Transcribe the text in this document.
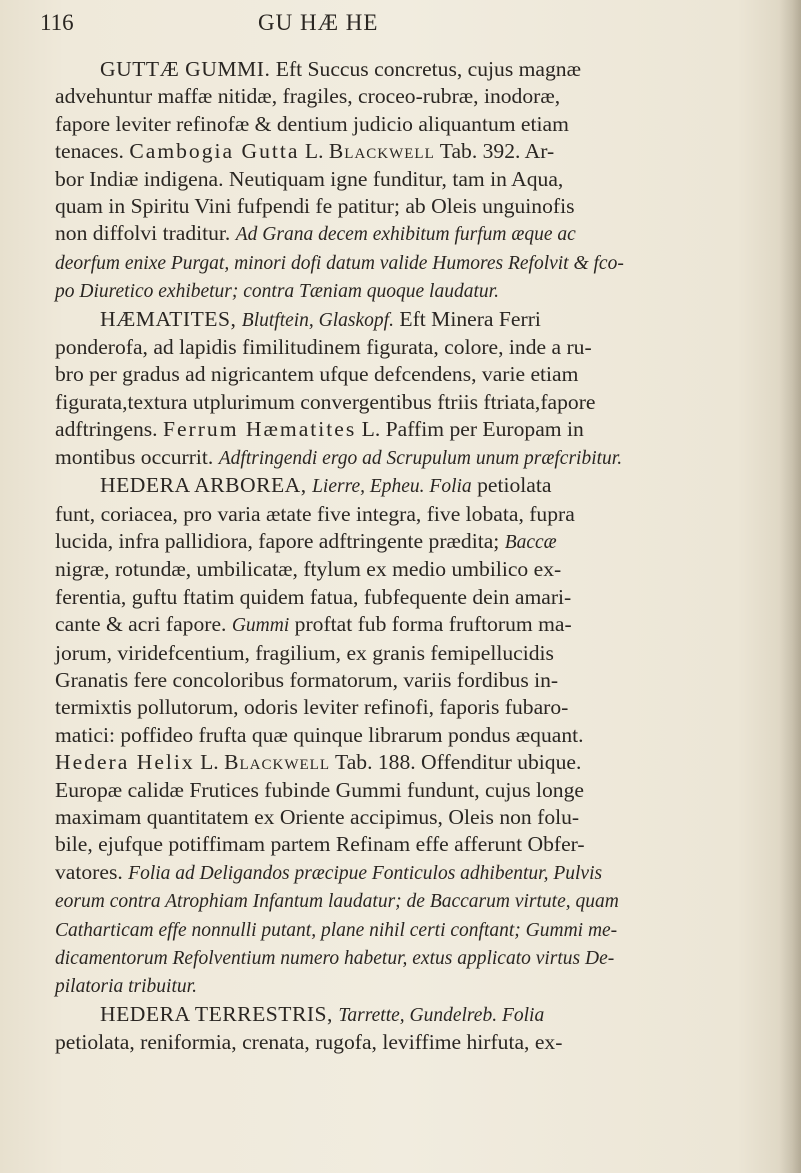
116	GU HÆ HE
GUTTÆ GUMMI. Eft Succus concretus, cujus magnæ
advehuntur maffæ nitidæ, fragiles, croceo-rubræ, inodoræ,
fapore leviter refinofæ & dentium judicio aliquantum etiam
tenaces. Cambogia Gutta L. Blackwell Tab. 392. Ar-
bor Indiæ indigena. Neutiquam igne funditur, tam in Aqua,
quam in Spiritu Vini fufpendi fe patitur; ab Oleis unguinofis
non diffolvi traditur. Ad Grana decem exhibitum furfum æque ac
deorfum enixe Purgat, minori dofi datum valide Humores Refolvit & fco-
po Diuretico exhibetur; contra Tæniam quoque laudatur.
HÆMATITES, Blutftein, Glaskopf. Eft Minera Ferri
ponderofa, ad lapidis fimilitudinem figurata, colore, inde a ru-
bro per gradus ad nigricantem ufque defcendens, varie etiam
figurata,textura utplurimum convergentibus ftriis ftriata,fapore
adftringens. Ferrum Hæmatites L. Paffim per Europam in
montibus occurrit. Adftringendi ergo ad Scrupulum unum præfcribitur.
HEDERA ARBOREA, Lierre, Epheu. Folia petiolata
funt, coriacea, pro varia ætate five integra, five lobata, fupra
lucida, infra pallidiora, fapore adftringente prædita; Baccæ
nigræ, rotundæ, umbilicatæ, ftylum ex medio umbilico ex-
ferentia, guftu ftatim quidem fatua, fubfequente dein amari-
cante & acri fapore. Gummi proftat fub forma fruftorum ma-
jorum, viridefcentium, fragilium, ex granis femipellucidis
Granatis fere concoloribus formatorum, variis fordibus in-
termixtis pollutorum, odoris leviter refinofi, faporis fubaro-
matici: poffideo frufta quæ quinque librarum pondus æquant.
Hedera Helix L. Blackwell Tab. 188. Offenditur ubique.
Europæ calidæ Frutices fubinde Gummi fundunt, cujus longe
maximam quantitatem ex Oriente accipimus, Oleis non folu-
bile, ejufque potiffimam partem Refinam effe afferunt Obfer-
vatores. Folia ad Deligandos præcipue Fonticulos adhibentur, Pulvis
eorum contra Atrophiam Infantum laudatur; de Baccarum virtute, quam
Catharticam effe nonnulli putant, plane nihil certi conftant; Gummi me-
dicamentorum Refolventium numero habetur, extus applicato virtus De-
pilatoria tribuitur.
HEDERA TERRESTRIS, Tarrette, Gundelreb. Folia
petiolata, reniformia, crenata, rugofa, leviffime hirfuta, ex-
